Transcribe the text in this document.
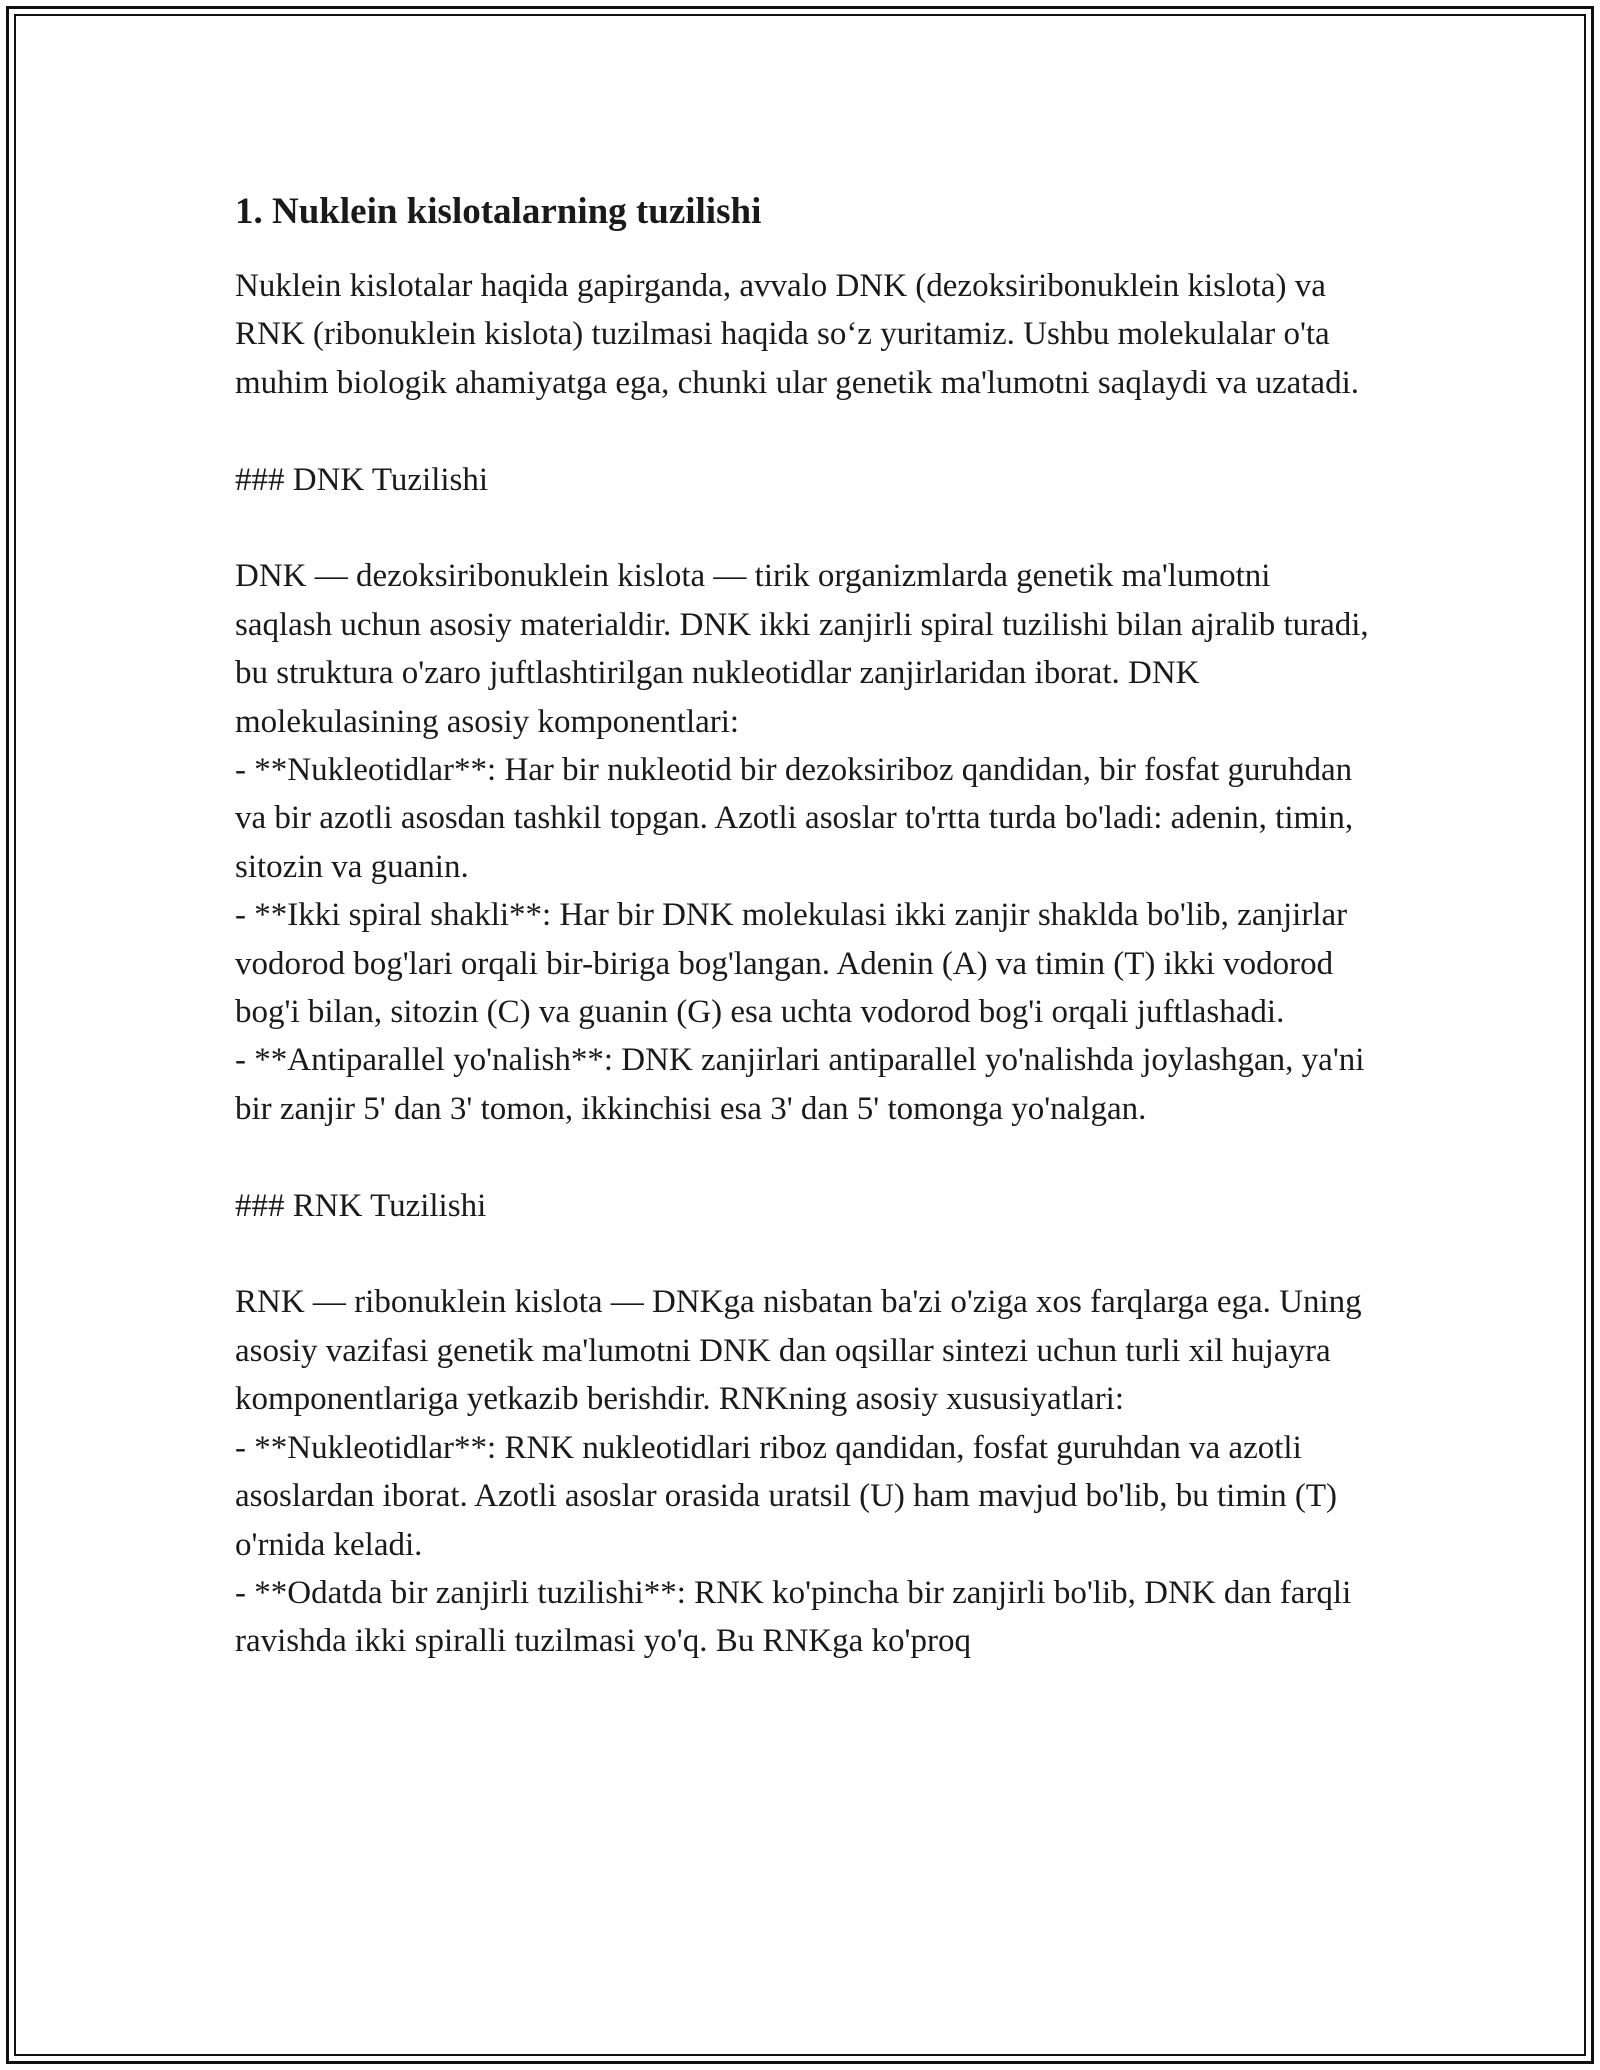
1. Nuklein kislotalarning tuzilishi

Nuklein kislotalar haqida gapirganda, avvalo DNK (dezoksiribonuklein kislota) va RNK (ribonuklein kislota) tuzilmasi haqida so‘z yuritamiz. Ushbu molekulalar o'ta muhim biologik ahamiyatga ega, chunki ular genetik ma'lumotni saqlaydi va uzatadi.

### DNK Tuzilishi

DNK — dezoksiribonuklein kislota — tirik organizmlarda genetik ma'lumotni saqlash uchun asosiy materialdir. DNK ikki zanjirli spiral tuzilishi bilan ajralib turadi, bu struktura o'zaro juftlashtirilgan nukleotidlar zanjirlaridan iborat. DNK molekulasining asosiy komponentlari:

- **Nukleotidlar**: Har bir nukleotid bir dezoksiriboz qandidan, bir fosfat guruhdan va bir azotli asosdan tashkil topgan. Azotli asoslar to'rtta turda bo'ladi: adenin, timin, sitozin va guanin.

- **Ikki spiral shakli**: Har bir DNK molekulasi ikki zanjir shaklda bo'lib, zanjirlar vodorod bog'lari orqali bir-biriga bog'langan. Adenin (A) va timin (T) ikki vodorod bog'i bilan, sitozin (C) va guanin (G) esa uchta vodorod bog'i orqali juftlashadi.

- **Antiparallel yo'nalish**: DNK zanjirlari antiparallel yo'nalishda joylashgan, ya'ni bir zanjir 5' dan 3' tomon, ikkinchisi esa 3' dan 5' tomonga yo'nalgan.

### RNK Tuzilishi

RNK — ribonuklein kislota — DNKga nisbatan ba'zi o'ziga xos farqlarga ega. Uning asosiy vazifasi genetik ma'lumotni DNK dan oqsillar sintezi uchun turli xil hujayra komponentlariga yetkazib berishdir. RNKning asosiy xususiyatlari:

- **Nukleotidlar**: RNK nukleotidlari riboz qandidan, fosfat guruhdan va azotli asoslardan iborat. Azotli asoslar orasida uratsil (U) ham mavjud bo'lib, bu timin (T) o'rnida keladi.

- **Odatda bir zanjirli tuzilishi**: RNK ko'pincha bir zanjirli bo'lib, DNK dan farqli ravishda ikki spiralli tuzilmasi yo'q. Bu RNKga ko'proq
